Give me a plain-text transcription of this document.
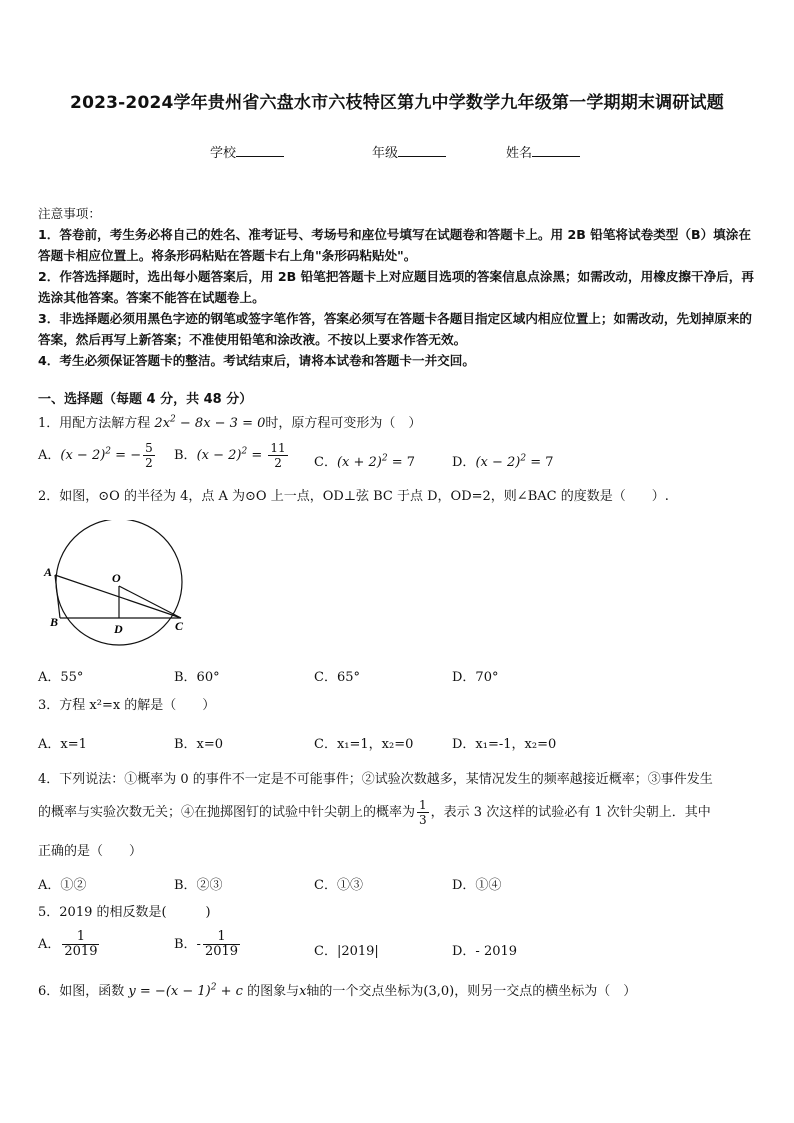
2023-2024学年贵州省六盘水市六枝特区第九中学数学九年级第一学期期末调研试题
学校	年级	姓名

注意事项：

1．答卷前，考生务必将自己的姓名、准考证号、考场号和座位号填写在试题卷和答题卡上。用 2B 铅笔将试卷类型（B）填涂在答题卡相应位置上。将条形码粘贴在答题卡右上角"条形码粘贴处"。

2．作答选择题时，选出每小题答案后，用 2B 铅笔把答题卡上对应题目选项的答案信息点涂黑；如需改动，用橡皮擦干净后，再选涂其他答案。答案不能答在试题卷上。

3．非选择题必须用黑色字迹的钢笔或签字笔作答，答案必须写在答题卡各题目指定区域内相应位置上；如需改动，先划掉原来的答案，然后再写上新答案；不准使用铅笔和涂改液。不按以上要求作答无效。

4．考生必须保证答题卡的整洁。考试结束后，请将本试卷和答题卡一并交回。

一、选择题（每题 4 分，共 48 分）
1．用配方法解方程 $2x^2 - 8x - 3 = 0$时，原方程可变形为（　）
A．$(x - 2)^2$ = − $\frac{5}{2}$ B．$(x - 2)^2 = \frac{11}{2}$ C．$(x + 2)^2 = 7$	D．$(x - 2)^2 = 7$
2．如图，⊙O 的半径为 4，点 A 为⊙O 上一点，OD⊥弦 BC 于点 D，OD=2，则∠BAC 的度数是（　　）.
A	O
B	D	C
A．55°	B．60°	C．65°	D．70°
3．方程 x²=x 的解是（　　）
A．x=1	B．x=0	C．x₁=1，x₂=0	D．x₁=-1，x₂=0
4．下列说法：①概率为 0 的事件不一定是不可能事件；②试验次数越多，某情况发生的频率越接近概率；③事件发生
的概率与实验次数无关；④在抛掷图钉的试验中针尖朝上的概率为 $\frac{1}{3}$ ，表示 3 次这样的试验必有 1 次针尖朝上．其中
正确的是（　　）
A．①②	B．②③	C．①③	D．①④
5．2019 的相反数是(　　　)
A． $\frac{1}{2019}$	B．- $\frac{1}{2019}$	C．|2019|	D．- 2019
6．如图，函数 $y = -(x - 1)^2 + c$ 的图象与x轴的一个交点坐标为(3,0)，则另一交点的横坐标为（　）
